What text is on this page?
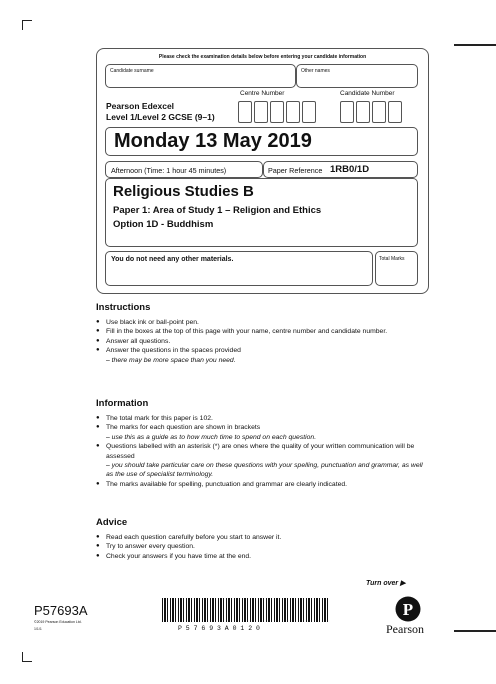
Please check the examination details below before entering your candidate information
Candidate surname	Other names
Pearson Edexcel
Level 1/Level 2 GCSE (9–1)
Centre Number	Candidate Number
Monday 13 May 2019
Afternoon (Time: 1 hour 45 minutes)	Paper Reference 1RB0/1D
Religious Studies B
Paper 1: Area of Study 1 – Religion and Ethics
Option 1D - Buddhism
You do not need any other materials.	Total Marks
Instructions
● Use black ink or ball-point pen.
● Fill in the boxes at the top of this page with your name, centre number and candidate number.
● Answer all questions.
● Answer the questions in the spaces provided
– there may be more space than you need.
Information
● The total mark for this paper is 102.
● The marks for each question are shown in brackets
– use this as a guide as to how much time to spend on each question.
● Questions labelled with an asterisk (*) are ones where the quality of your written communication will be assessed
– you should take particular care on these questions with your spelling, punctuation and grammar, as well as the use of specialist terminology.
● The marks available for spelling, punctuation and grammar are clearly indicated.
Advice
● Read each question carefully before you start to answer it.
● Try to answer every question.
● Check your answers if you have time at the end.
Turn over ▶
P57693A
©2019 Pearson Education Ltd.
1/1/1	P 5 7 6 9 3 A 0 1 2 0
P
Pearson
